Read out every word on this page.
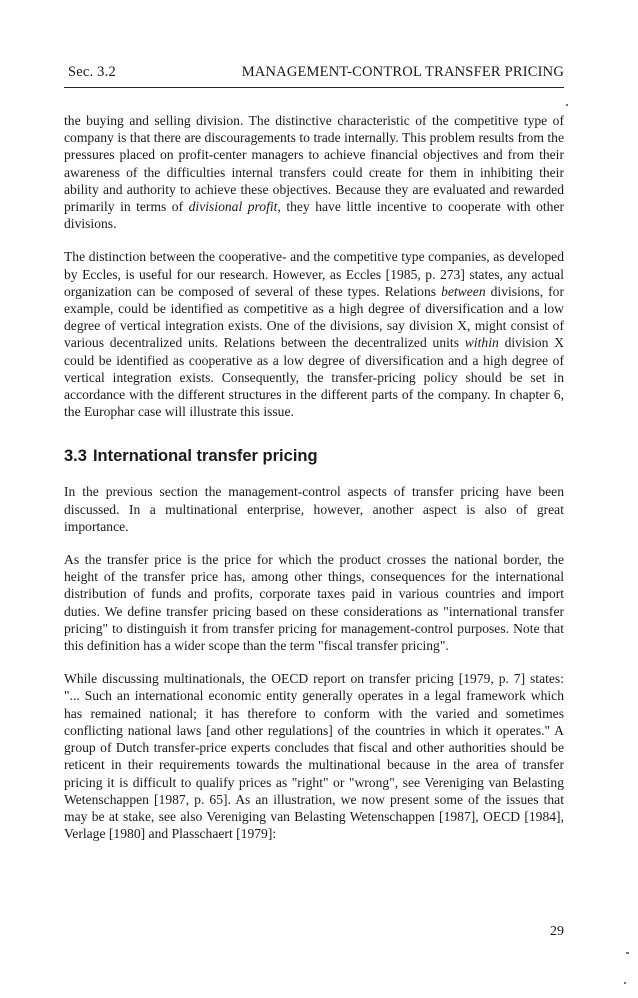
Sec. 3.2	MANAGEMENT-CONTROL TRANSFER PRICING

the buying and selling division. The distinctive characteristic of the competitive type of company is that there are discouragements to trade internally. This problem results from the pressures placed on profit-center managers to achieve financial objectives and from their awareness of the difficulties internal transfers could create for them in inhibiting their ability and authority to achieve these objectives. Because they are evaluated and rewarded primarily in terms of divisional profit, they have little incentive to cooperate with other divisions.

The distinction between the cooperative- and the competitive type companies, as developed by Eccles, is useful for our research. However, as Eccles [1985, p. 273] states, any actual organization can be composed of several of these types. Relations between divisions, for example, could be identified as competitive as a high degree of diversification and a low degree of vertical integration exists. One of the divisions, say division X, might consist of various decentralized units. Relations between the decentralized units within division X could be identified as cooperative as a low degree of diversification and a high degree of vertical integration exists. Consequently, the transfer-pricing policy should be set in accordance with the different structures in the different parts of the company. In chapter 6, the Europhar case will illustrate this issue.

3.3 International transfer pricing

In the previous section the management-control aspects of transfer pricing have been discussed. In a multinational enterprise, however, another aspect is also of great importance.

As the transfer price is the price for which the product crosses the national border, the height of the transfer price has, among other things, consequences for the international distribution of funds and profits, corporate taxes paid in various countries and import duties. We define transfer pricing based on these considerations as "international transfer pricing" to distinguish it from transfer pricing for management-control purposes. Note that this definition has a wider scope than the term "fiscal transfer pricing".

While discussing multinationals, the OECD report on transfer pricing [1979, p. 7] states: "... Such an international economic entity generally operates in a legal framework which has remained national; it has therefore to conform with the varied and sometimes conflicting national laws [and other regulations] of the countries in which it operates." A group of Dutch transfer-price experts concludes that fiscal and other authorities should be reticent in their requirements towards the multinational because in the area of transfer pricing it is difficult to qualify prices as "right" or "wrong", see Vereniging van Belasting Wetenschappen [1987, p. 65]. As an illustration, we now present some of the issues that may be at stake, see also Vereniging van Belasting Wetenschappen [1987], OECD [1984], Verlage [1980] and Plasschaert [1979]:

29
